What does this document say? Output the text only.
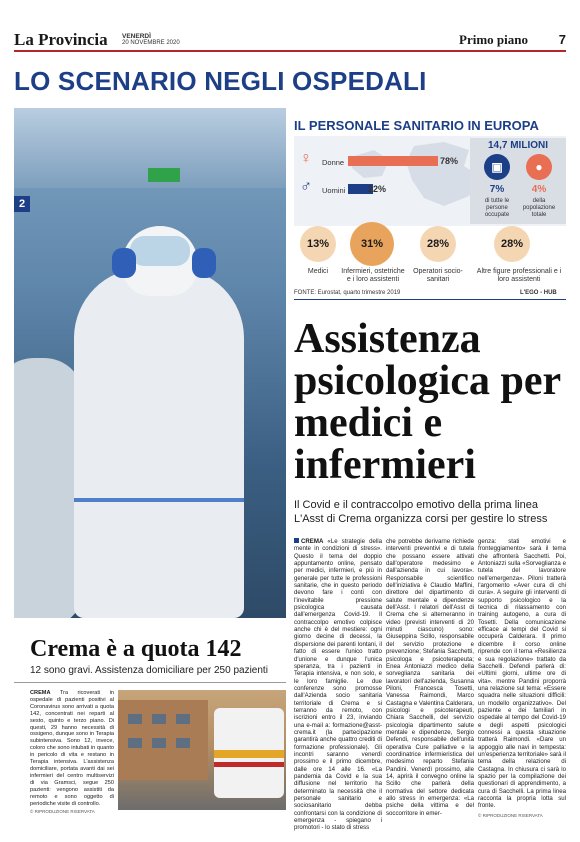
La Provincia VENERDÌ
20 NOVEMBRE 2020	Primo piano 7
LO SCENARIO NEGLI OSPEDALI
2
IL PERSONALE SANITARIO IN EUROPA
♀ Donne	78%
♂ Uomini	22%
14,7 MILIONI
▣	●
7%	4%
di tutte le persone occupate
della popolazione totale
13%
Medici
31%
Infermieri, ostetriche e i loro assistenti
28%
Operatori socio-sanitari
28%
Altre figure professionali e i loro assistenti
FONTE: Eurostat, quarto trimestre 2019	L'EGO - HUB
Assistenza psicologica per medici e infermieri
Il Covid e il contraccolpo emotivo della prima linea L'Asst di Crema organizza corsi per gestire lo stress
CREMA «Le strategie della mente in condizioni di stress». Questo il tema del doppio appuntamento online, pensato per medici, infermieri, e più in generale per tutte le professioni sanitarie, che in questo periodo devono fare i conti con l'inevitabile pressione psicologica causata dall'emergenza Covid-19. Il contraccolpo emotivo colpisce anche chi è del mestiere: ogni giorno decine di decessi, la dispersione dei parenti lontani, il fatto di essere l'unico tratto d'unione e dunque l'unica speranza, tra i pazienti in Terapia intensiva, e non solo, e le loro famiglie. Le due conferenze sono promosse dall'Azienda socio sanitaria territoriale di Crema e si terranno da remoto, con iscrizioni entro il 23, inviando una e-mail a: formazione@asst-crema.it (la partecipazione garantirà anche quattro crediti di formazione professionale). Gli incontri saranno venerdì prossimo e il primo dicembre, dalle ore 14 alle 16. «La pandemia da Covid e la sua diffusione nel territorio ha determinato la necessità che il personale sanitario e sociosanitario debba confrontarsi con la condizione di emergenza - spiegano i promotori - lo stato di stress
che potrebbe derivarne richiede interventi preventivi e di tutela che possano essere attivati dall'operatore medesimo e dall'azienda in cui lavora». Responsabile scientifico dell'iniziativa è Claudio Maffini, direttore del dipartimento di salute mentale e dipendenze dell'Asst. I relatori dell'Asst di Crema che si alterneranno in video (previsti interventi di 20 minuti ciascuno) sono: Giuseppina Scillo, responsabile del servizio protezione e prevenzione; Stefania Sacchetti, psicologa e psicoterapeuta; Enea Antoniazzi medico della sorveglianza sanitaria dei lavoratori dell'azienda, Susanna Piloni, Francesca Tosetti, Vanessa Raimondi, Marco Castagna e Valentina Calderara, psicologi e psicoterapeuti, Chiara Sacchelli, del servizio psicologia dipartimento salute mentale e dipendenze, Sergio Defendi, responsabile dell'unità operativa Cure palliative e la coordinatrice infermieristica del medesimo reparto Stefania Pandini. Venerdì prossimo, alle 14, aprirà il convegno online la Scillo che parlerà della normativa del settore dedicata allo stress in emergenza: «La psiche della vittima e del soccorritore in emer-
genza: stati emotivi e fronteggiamento» sarà il tema che affronterà Sacchetti. Poi, Antoniazzi sulla «Sorveglianza e tutela del lavoratore nell'emergenza». Piloni tratterà l'argomento «Aver cura di chi cura». A seguire gli interventi di supporto psicologico e la tecnica di rilassamento con training autogeno, a cura di Tosetti. Della comunicazione efficace ai tempi del Covid si occuperà Calderara. Il primo dicembre il corso online riprende con il tema «Resilienza e sua regolazione» trattato da Sacchelli. Defendi parlerà di: «Ultimi giorni, ultime ore di vita». mentre Pandini proporrà una relazione sul tema: «Essere squadra nelle situazioni difficili: un modello organizzativo». Del paziente e dei familiari in ospedale al tempo del Covid-19 e degli aspetti psicologici connessi a questa situazione tratterà Raimondi. «Dare un appoggio alle navi in tempesta: un'esperienza territoriale» sarà il tema della relazione di Castagna. In chiusura ci sarà lo spazio per la compilazione dei questionari di apprendimento, a cura di Sacchelli. La prima linea racconta la propria lotta sul fronte.
© RIPRODUZIONE RISERVATA
Crema è a quota 142
12 sono gravi. Assistenza domiciliare per 250 pazienti
CREMA Tra ricoverati in ospedale di pazienti positivi al Coronavirus sono arrivati a quota 142, concentrati nei reparti al sesto, quinto e terzo piano. Di questi, 29 hanno necessità di ossigeno, dunque sono in Terapia subintensiva. Sono 12, invece, coloro che sono intubati in quanto in pericolo di vita e restano in Terapia intensiva. L'assistenza domiciliare, portata avanti dai sei infermieri del centro multiservizi di via Gramsci, segue 250 pazienti: vengono assistiti da remoto e sono oggetto di periodiche visite di controllo.
© RIPRODUZIONE RISERVATA
